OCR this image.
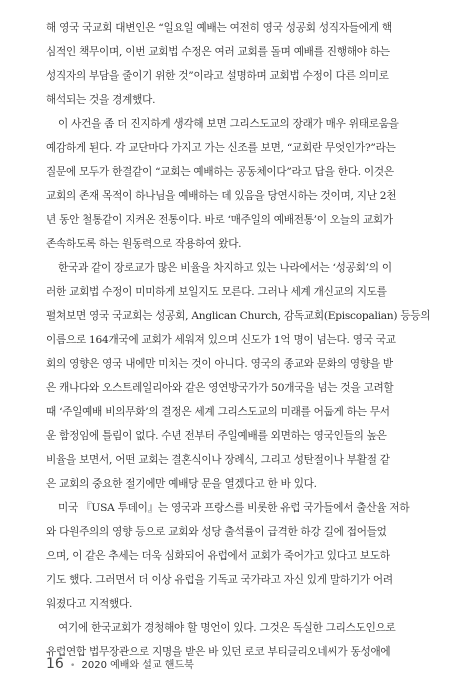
해 영국 국교회 대변인은 “일요일 예배는 여전히 영국 성공회 성직자들에게 핵
심적인 책무이며, 이번 교회법 수정은 여러 교회를 돌며 예배를 진행해야 하는
성직자의 부담을 줄이기 위한 것”이라고 설명하며 교회법 수정이 다른 의미로
해석되는 것을 경계했다.

이 사건을 좀 더 진지하게 생각해 보면 그리스도교의 장래가 매우 위태로움을
예감하게 된다. 각 교단마다 가지고 가는 신조를 보면, “교회란 무엇인가?”라는
질문에 모두가 한결같이 “교회는 예배하는 공동체이다”라고 답을 한다. 이것은
교회의 존재 목적이 하나님을 예배하는 데 있음을 당연시하는 것이며, 지난 2천
년 동안 철통같이 지켜온 전통이다. 바로 ‘매주일의 예배전통’이 오늘의 교회가
존속하도록 하는 원동력으로 작용하여 왔다.

한국과 같이 장로교가 많은 비율을 차지하고 있는 나라에서는 ‘성공회’의 이
러한 교회법 수정이 미미하게 보일지도 모른다. 그러나 세계 개신교의 지도를
펼쳐보면 영국 국교회는 성공회, Anglican Church, 감독교회(Episcopalian) 등등의
이름으로 164개국에 교회가 세워져 있으며 신도가 1억 명이 넘는다. 영국 국교
회의 영향은 영국 내에만 미치는 것이 아니다. 영국의 종교와 문화의 영향을 받
은 캐나다와 오스트레일리아와 같은 영연방국가가 50개국을 넘는 것을 고려할
때 ‘주일예배 비의무화’의 결정은 세계 그리스도교의 미래를 어둡게 하는 무서
운 함정임에 틀림이 없다. 수년 전부터 주일예배를 외면하는 영국인들의 높은
비율을 보면서, 어떤 교회는 결혼식이나 장례식, 그리고 성탄절이나 부활절 같
은 교회의 중요한 절기에만 예배당 문을 열겠다고 한 바 있다.

미국 『USA 투데이』는 영국과 프랑스를 비롯한 유럽 국가들에서 출산율 저하
와 다원주의의 영향 등으로 교회와 성당 출석률이 급격한 하강 길에 접어들었
으며, 이 같은 추세는 더욱 심화되어 유럽에서 교회가 죽어가고 있다고 보도하
기도 했다. 그러면서 더 이상 유럽을 기독교 국가라고 자신 있게 말하기가 어려
워졌다고 지적했다.

여기에 한국교회가 경청해야 할 명언이 있다. 그것은 독실한 그리스도인으로
유럽연합 법무장관으로 지명을 받은 바 있던 로코 부티글리오네씨가 동성애에

16 • 2020 예배와 설교 핸드북
